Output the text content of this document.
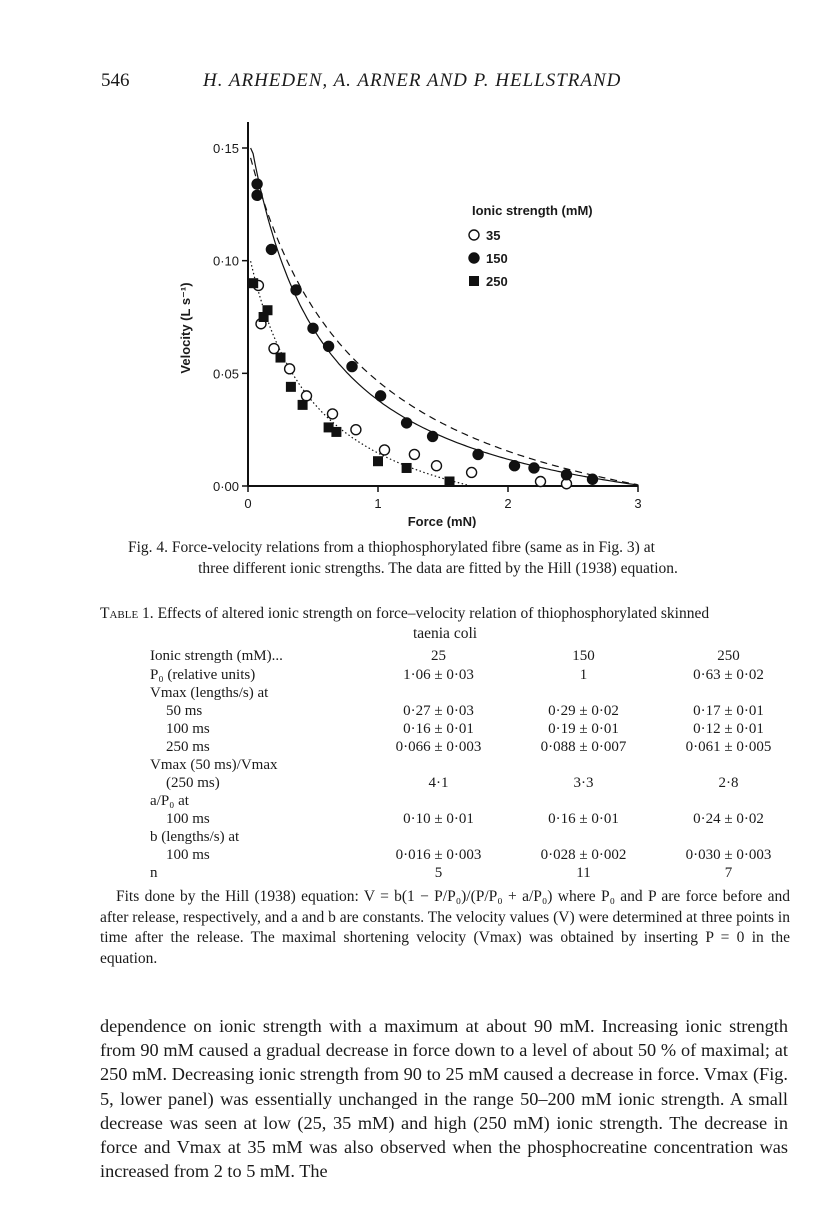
546	H. ARHEDEN, A. ARNER AND P. HELLSTRAND
0	1	2	3
0·00
0·05
0·10
0·15
Force (mN)
Velocity (L s⁻¹)
Ionic strength (mM)
35
150
250
Fig. 4. Force-velocity relations from a thiophosphorylated fibre (same as in Fig. 3) at
three different ionic strengths. The data are fitted by the Hill (1938) equation.
Table 1. Effects of altered ionic strength on force–velocity relation of thiophosphorylated skinned
taenia coli
Ionic strength (mM)...	25	150	250
P₀ (relative units)	1·06 ± 0·03	1	0·63 ± 0·02
Vmax (lengths/s) at			
50 ms	0·27 ± 0·03	0·29 ± 0·02	0·17 ± 0·01
100 ms	0·16 ± 0·01	0·19 ± 0·01	0·12 ± 0·01
250 ms	0·066 ± 0·003	0·088 ± 0·007	0·061 ± 0·005
Vmax (50 ms)/Vmax			
(250 ms)	4·1	3·3	2·8
a/P₀ at			
100 ms	0·10 ± 0·01	0·16 ± 0·01	0·24 ± 0·02
b (lengths/s) at			
100 ms	0·016 ± 0·003	0·028 ± 0·002	0·030 ± 0·003
n	5	11	7
Fits done by the Hill (1938) equation: V = b(1 − P/P₀)/(P/P₀ + a/P₀) where P₀ and P are force before and after release, respectively, and a and b are constants. The velocity values (V) were determined at three points in time after the release. The maximal shortening velocity (Vmax) was obtained by inserting P = 0 in the equation.
dependence on ionic strength with a maximum at about 90 mM. Increasing ionic strength from 90 mM caused a gradual decrease in force down to a level of about 50 % of maximal; at 250 mM. Decreasing ionic strength from 90 to 25 mM caused a decrease in force. Vmax (Fig. 5, lower panel) was essentially unchanged in the range 50–200 mM ionic strength. A small decrease was seen at low (25, 35 mM) and high (250 mM) ionic strength. The decrease in force and Vmax at 35 mM was also observed when the phosphocreatine concentration was increased from 2 to 5 mM. The
